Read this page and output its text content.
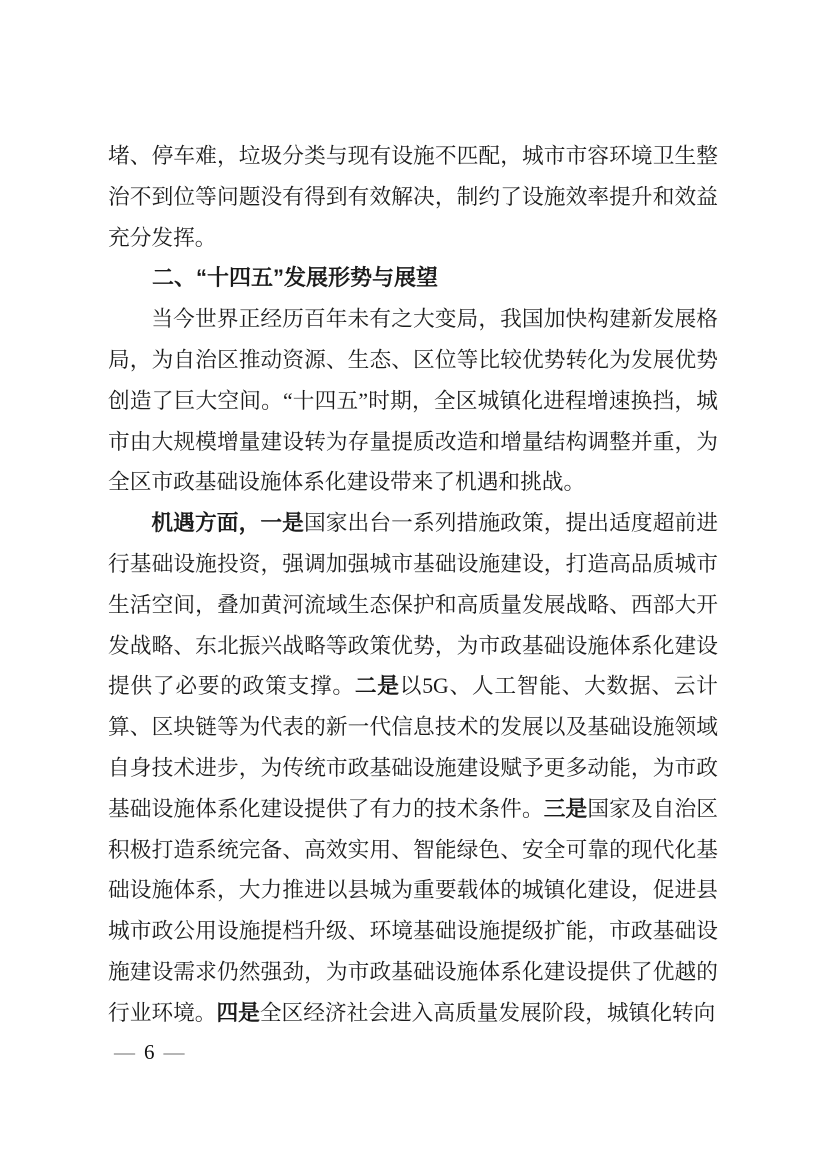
堵、停车难，垃圾分类与现有设施不匹配，城市市容环境卫生整治不到位等问题没有得到有效解决，制约了设施效率提升和效益充分发挥。

二、“十四五”发展形势与展望

当今世界正经历百年未有之大变局，我国加快构建新发展格局，为自治区推动资源、生态、区位等比较优势转化为发展优势创造了巨大空间。“十四五”时期，全区城镇化进程增速换挡，城市由大规模增量建设转为存量提质改造和增量结构调整并重，为全区市政基础设施体系化建设带来了机遇和挑战。

机遇方面，一是国家出台一系列措施政策，提出适度超前进行基础设施投资，强调加强城市基础设施建设，打造高品质城市生活空间，叠加黄河流域生态保护和高质量发展战略、西部大开发战略、东北振兴战略等政策优势，为市政基础设施体系化建设提供了必要的政策支撑。二是以5G、人工智能、大数据、云计算、区块链等为代表的新一代信息技术的发展以及基础设施领域自身技术进步，为传统市政基础设施建设赋予更多动能，为市政基础设施体系化建设提供了有力的技术条件。三是国家及自治区积极打造系统完备、高效实用、智能绿色、安全可靠的现代化基础设施体系，大力推进以县城为重要载体的城镇化建设，促进县城市政公用设施提档升级、环境基础设施提级扩能，市政基础设施建设需求仍然强劲，为市政基础设施体系化建设提供了优越的行业环境。四是全区经济社会进入高质量发展阶段，城镇化转向

— 6 —
